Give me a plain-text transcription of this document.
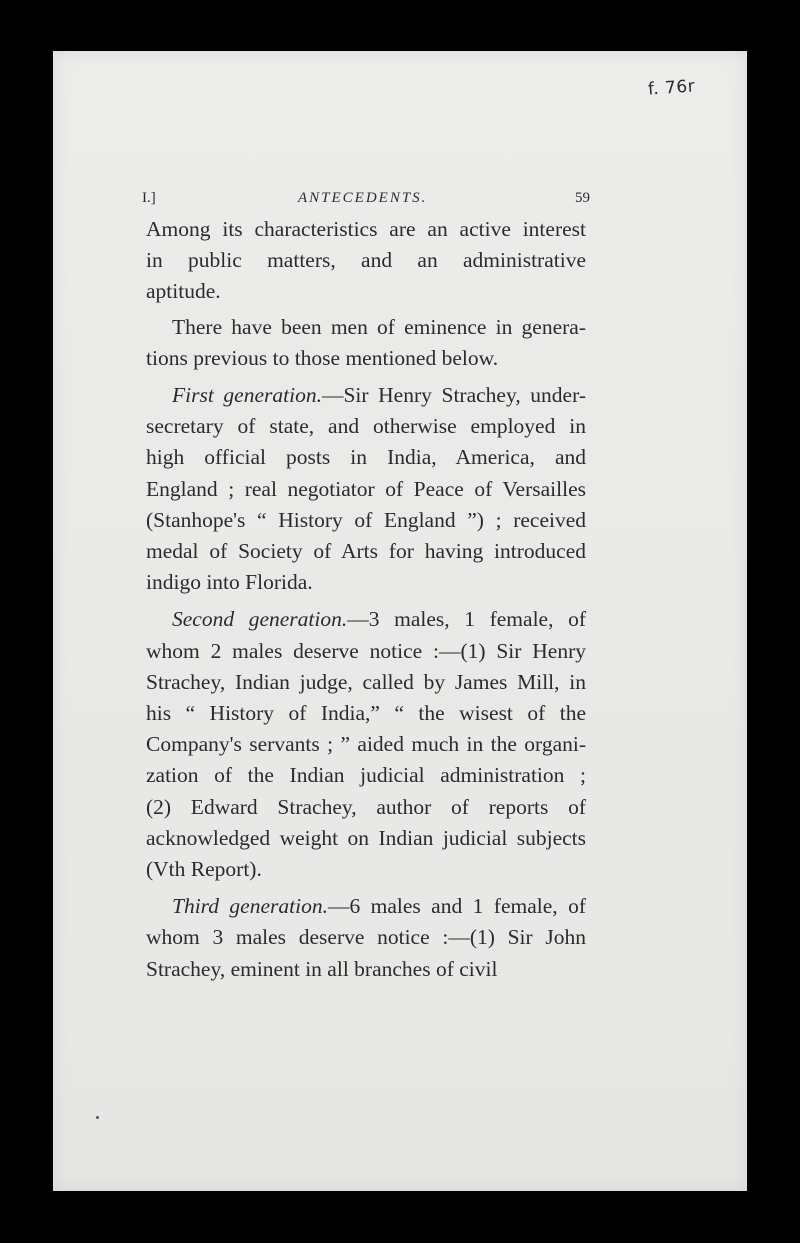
f. 76r
I.]	ANTECEDENTS.	59
Among its characteristics are an active interest
in public matters, and an administrative
aptitude.
There have been men of eminence in genera-
tions previous to those mentioned below.
First generation.—Sir Henry Strachey, under-
secretary of state, and otherwise employed in
high official posts in India, America, and
England ; real negotiator of Peace of Versailles
(Stanhope's “ History of England ”) ; received
medal of Society of Arts for having introduced
indigo into Florida.
Second generation.—3 males, 1 female, of
whom 2 males deserve notice :—(1) Sir Henry
Strachey, Indian judge, called by James Mill, in
his “ History of India,” “ the wisest of the
Company's servants ; ” aided much in the organi-
zation of the Indian judicial administration ;
(2) Edward Strachey, author of reports of
acknowledged weight on Indian judicial subjects
(Vth Report).
Third generation.—6 males and 1 female, of
whom 3 males deserve notice :—(1) Sir John
Strachey, eminent in all branches of civil
